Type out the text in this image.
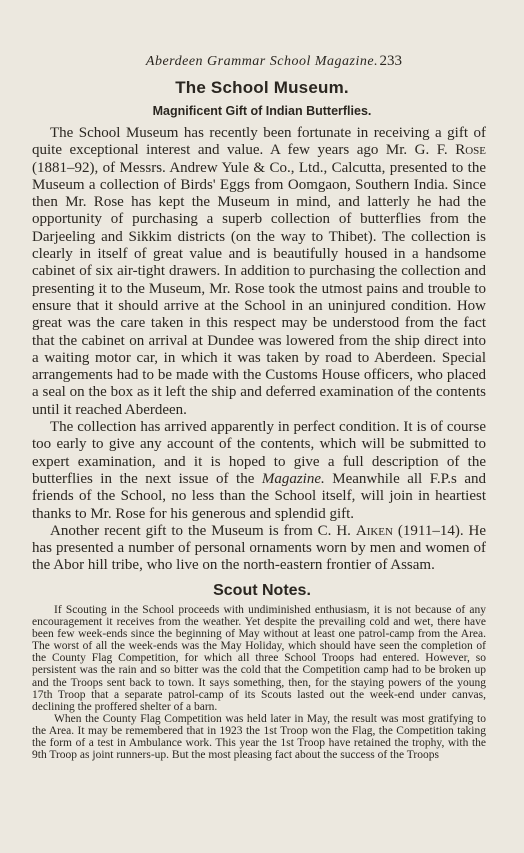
Aberdeen Grammar School Magazine. 233
The School Museum.
Magnificent Gift of Indian Butterflies.

The School Museum has recently been fortunate in receiving a gift of quite exceptional interest and value. A few years ago Mr. G. F. Rose (1881–92), of Messrs. Andrew Yule & Co., Ltd., Calcutta, presented to the Museum a collection of Birds' Eggs from Oomgaon, Southern India. Since then Mr. Rose has kept the Museum in mind, and latterly he had the opportunity of purchasing a superb collection of butterflies from the Darjeeling and Sikkim districts (on the way to Thibet). The collection is clearly in itself of great value and is beautifully housed in a handsome cabinet of six air-tight drawers. In addition to purchasing the collection and presenting it to the Museum, Mr. Rose took the utmost pains and trouble to ensure that it should arrive at the School in an uninjured condition. How great was the care taken in this respect may be understood from the fact that the cabinet on arrival at Dundee was lowered from the ship direct into a waiting motor car, in which it was taken by road to Aberdeen. Special arrangements had to be made with the Customs House officers, who placed a seal on the box as it left the ship and deferred examination of the contents until it reached Aberdeen.

The collection has arrived apparently in perfect condition. It is of course too early to give any account of the contents, which will be submitted to expert examination, and it is hoped to give a full description of the butterflies in the next issue of the Magazine. Meanwhile all F.P.s and friends of the School, no less than the School itself, will join in heartiest thanks to Mr. Rose for his generous and splendid gift.

Another recent gift to the Museum is from C. H. Aiken (1911–14). He has presented a number of personal ornaments worn by men and women of the Abor hill tribe, who live on the north-eastern frontier of Assam.

Scout Notes.

If Scouting in the School proceeds with undiminished enthusiasm, it is not because of any encouragement it receives from the weather. Yet despite the prevailing cold and wet, there have been few week-ends since the beginning of May without at least one patrol-camp from the Area. The worst of all the week-ends was the May Holiday, which should have seen the completion of the County Flag Competition, for which all three School Troops had entered. However, so persistent was the rain and so bitter was the cold that the Competition camp had to be broken up and the Troops sent back to town. It says something, then, for the staying powers of the young 17th Troop that a separate patrol-camp of its Scouts lasted out the week-end under canvas, declining the proffered shelter of a barn.

When the County Flag Competition was held later in May, the result was most gratifying to the Area. It may be remembered that in 1923 the 1st Troop won the Flag, the Competition taking the form of a test in Ambulance work. This year the 1st Troop have retained the trophy, with the 9th Troop as joint runners-up. But the most pleasing fact about the success of the Troops
